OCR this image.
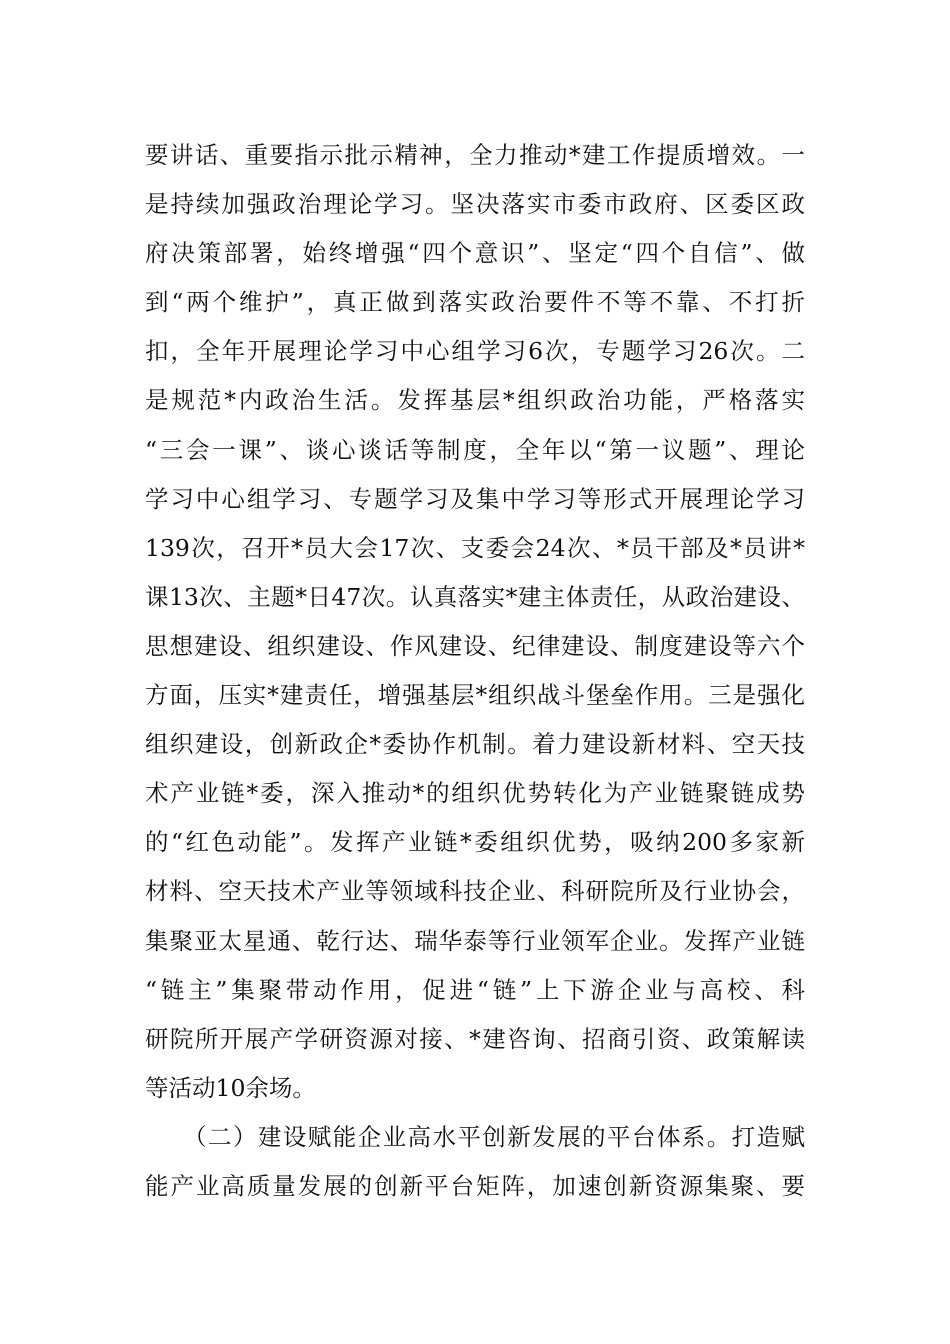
要讲话、重要指示批示精神，全力推动*建工作提质增效。一
是持续加强政治理论学习。坚决落实市委市政府、区委区政
府决策部署，始终增强“四个意识”、坚定“四个自信”、做
到“两个维护”，真正做到落实政治要件不等不靠、不打折
扣，全年开展理论学习中心组学习6次，专题学习26次。二
是规范*内政治生活。发挥基层*组织政治功能，严格落实
“三会一课”、谈心谈话等制度，全年以“第一议题”、理论
学习中心组学习、专题学习及集中学习等形式开展理论学习
139次，召开*员大会17次、支委会24次、*员干部及*员讲*
课13次、主题*日47次。认真落实*建主体责任，从政治建设、
思想建设、组织建设、作风建设、纪律建设、制度建设等六个
方面，压实*建责任，增强基层*组织战斗堡垒作用。三是强化
组织建设，创新政企*委协作机制。着力建设新材料、空天技
术产业链*委，深入推动*的组织优势转化为产业链聚链成势
的“红色动能”。发挥产业链*委组织优势，吸纳200多家新
材料、空天技术产业等领域科技企业、科研院所及行业协会，
集聚亚太星通、乾行达、瑞华泰等行业领军企业。发挥产业链
“链主”集聚带动作用，促进“链”上下游企业与高校、科
研院所开展产学研资源对接、*建咨询、招商引资、政策解读
等活动10余场。
　　（二）建设赋能企业高水平创新发展的平台体系。打造赋
能产业高质量发展的创新平台矩阵，加速创新资源集聚、要
